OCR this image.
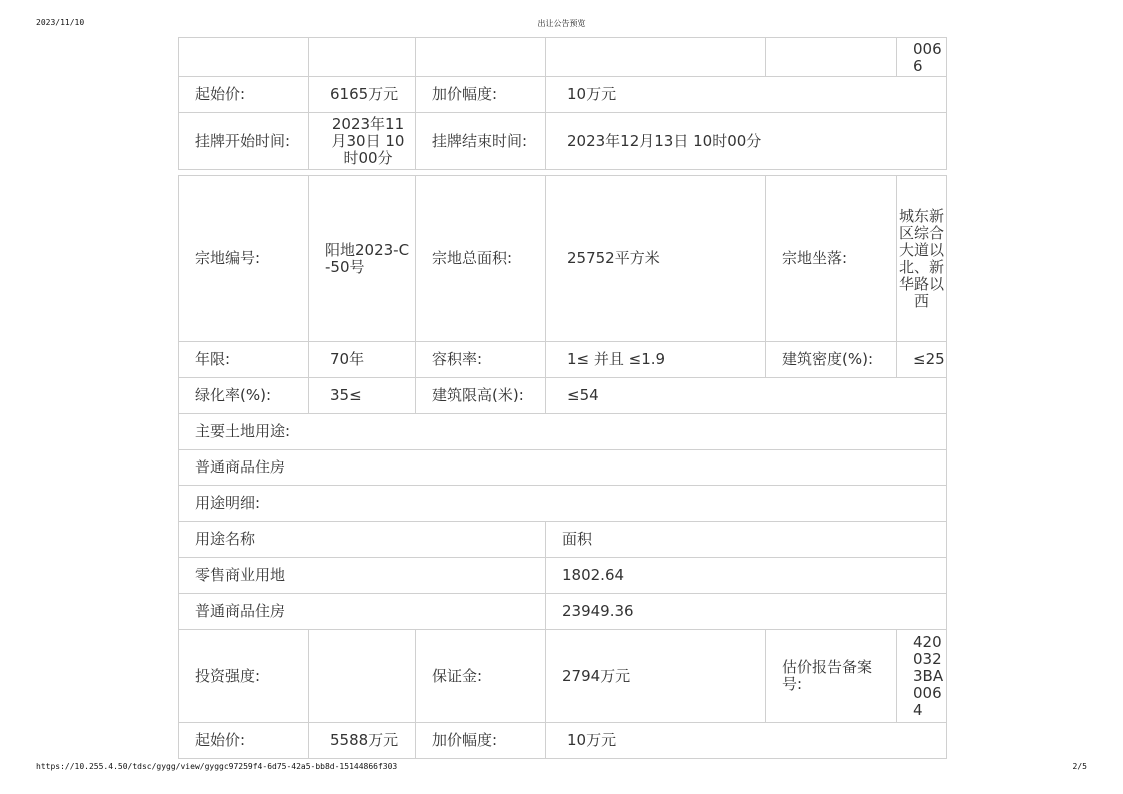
2023/11/10	出让公告预览
					0066
起始价:	6165万元	加价幅度:	10万元		
挂牌开始时间:	2023年11月30日 10时00分	挂牌结束时间:	2023年12月13日 10时00分		
宗地编号:	阳地2023-C-50号	宗地总面积:	25752平方米	宗地坐落:	城东新区综合大道以北、新华路以西
年限:	70年	容积率:	1≤ 并且 ≤1.9	建筑密度(%):	≤25
绿化率(%):	35≤	建筑限高(米):	≤54		
主要土地用途:					
普通商品住房					
用途明细:					
用途名称			面积		
零售商业用地			1802.64		
普通商品住房			23949.36		
投资强度:		保证金:	2794万元	估价报告备案号:	4200323BA0064
起始价:	5588万元	加价幅度:	10万元		
https://10.255.4.50/tdsc/gygg/view/gyggc97259f4-6d75-42a5-bb8d-15144866f303	2/5
